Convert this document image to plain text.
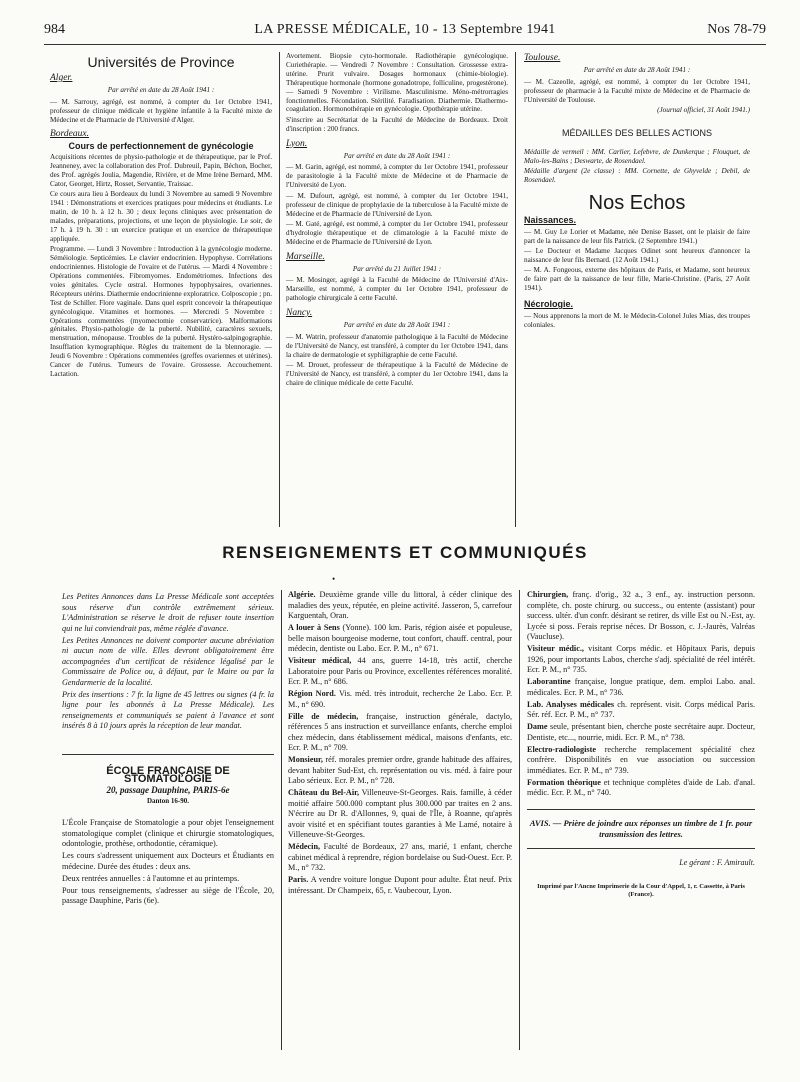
984	LA PRESSE MÉDICALE, 10 - 13 Septembre 1941	Nos 78-79
Universités de Province
Alger.
Par arrêté en date du 28 Août 1941 :

— M. Sarrouy, agrégé, est nommé, à compter du 1er Octobre 1941, professeur de clinique médicale et hygiène infantile à la Faculté mixte de Médecine et de Pharmacie de l'Université d'Alger.

Bordeaux.
Cours de perfectionnement de gynécologie

Acquisitions récentes de physio-pathologie et de thérapeutique, par le Prof. Jeanneney, avec la collaboration des Prof. Dubreuil, Papin, Béchon, Bocher, des Prof. agrégés Joulia, Magendie, Rivière, et de Mme Irène Bernard, MM. Cator, Georget, Hirtz, Rosset, Servantie, Traissac.

Ce cours aura lieu à Bordeaux du lundi 3 Novembre au samedi 9 Novembre 1941 : Démonstrations et exercices pratiques pour médecins et étudiants. Le matin, de 10 h. à 12 h. 30 ; deux leçons cliniques avec présentation de malades, préparations, projections, et une leçon de physiologie. Le soir, de 17 h. à 19 h. 30 : un exercice pratique et un exercice de thérapeutique appliquée.

Programme. — Lundi 3 Novembre : Introduction à la gynécologie moderne. Séméiologie. Septicémies. Le clavier endocrinien. Hypophyse. Corrélations endocriniennes. Histologie de l'ovaire et de l'utérus. — Mardi 4 Novembre : Opérations commentées. Fibromyomes. Endométriomes. Infections des voies génitales. Cycle œstral. Hormones hypophysaires, ovariennes. Récepteurs utérins. Diathermie endocrinienne exploratrice. Colposcopie ; pn. Test de Schiller. Flore vaginale. Dans quel esprit concevoir la thérapeutique gynécologique. Vitamines et hormones. — Mercredi 5 Novembre : Opérations commentées (myomectomie conservatrice). Malformations génitales. Physio-pathologie de la puberté. Nubilité, caractères sexuels, menstruation, ménopause. Troubles de la puberté. Hystéro-salpingographie. Insufflation kymographique. Règles du traitement de la blennoragie. — Jeudi 6 Novembre : Opérations commentées (greffes ovariennes et utérines). Cancer de l'utérus. Tumeurs de l'ovaire. Grossesse. Accouchement. Lactation.

Avortement. Biopsie cyto-hormonale. Radiothérapie gynécologique. Curiethérapie. — Vendredi 7 Novembre : Consultation. Grossesse extra-utérine. Prurit vulvaire. Dosages hormonaux (chimie-biologie). Thérapeutique hormonale (hormone gonadotrope, folliculine, progestérone). — Samedi 9 Novembre : Virilisme. Masculinisme. Méno-métrorragies fonctionnelles. Fécondation. Stérilité. Faradisation. Diathermie. Diathermo-coagulation. Hormonothérapie en gynécologie. Opothérapie utérine.

S'inscrire au Secrétariat de la Faculté de Médecine de Bordeaux. Droit d'inscription : 200 francs.

Lyon.
Par arrêté en date du 28 Août 1941 :

— M. Garin, agrégé, est nommé, à compter du 1er Octobre 1941, professeur de parasitologie à la Faculté mixte de Médecine et de Pharmacie de l'Université de Lyon.

— M. Dufourt, agrégé, est nommé, à compter du 1er Octobre 1941, professeur de clinique de prophylaxie de la tuberculose à la Faculté mixte de Médecine et de Pharmacie de l'Université de Lyon.

— M. Gaté, agrégé, est nommé, à compter du 1er Octobre 1941, professeur d'hydrologie thérapeutique et de climatologie à la Faculté mixte de Médecine et de Pharmacie de l'Université de Lyon.

Marseille.
Par arrêté du 21 Juillet 1941 :

— M. Mosinger, agrégé à la Faculté de Médecine de l'Université d'Aix-Marseille, est nommé, à compter du 1er Octobre 1941, professeur de pathologie chirurgicale à cette Faculté.

Nancy.
Par arrêté en date du 28 Août 1941 :

— M. Watrin, professeur d'anatomie pathologique à la Faculté de Médecine de l'Université de Nancy, est transféré, à compter du 1er Octobre 1941, dans la chaire de dermatologie et syphiligraphie de cette Faculté.

— M. Drouet, professeur de thérapeutique à la Faculté de Médecine de l'Université de Nancy, est transféré, à compter du 1er Octobre 1941, dans la chaire de clinique médicale de cette Faculté.

Toulouse.
Par arrêté en date du 28 Août 1941 :

— M. Cazeolle, agrégé, est nommé, à compter du 1er Octobre 1941, professeur de pharmacie à la Faculté mixte de Médecine et de Pharmacie de l'Université de Toulouse.

(Journal officiel, 31 Août 1941.)

MÉDAILLES DES BELLES ACTIONS

Médaille de vermeil : MM. Carlier, Lefebvre, de Dunkerque ; Flouquet, de Malo-les-Bains ; Deswarte, de Rosendael.

Médaille d'argent (2e classe) : MM. Cornette, de Ghyvelde ; Debil, de Rosendael.

Nos Echos
Naissances.

— M. Guy Le Lorier et Madame, née Denise Basset, ont le plaisir de faire part de la naissance de leur fils Patrick. (2 Septembre 1941.)

— Le Docteur et Madame Jacques Odinet sont heureux d'annoncer la naissance de leur fils Bernard. (12 Août 1941.)

— M. A. Fongeous, externe des hôpitaux de Paris, et Madame, sont heureux de faire part de la naissance de leur fille, Marie-Christine. (Paris, 27 Août 1941).

Nécrologie.

— Nous apprenons la mort de M. le Médecin-Colonel Jules Mias, des troupes coloniales.

RENSEIGNEMENTS ET COMMUNIQUÉS
•

Les Petites Annonces dans La Presse Médicale sont acceptées sous réserve d'un contrôle extrêmement sérieux. L'Administration se réserve le droit de refuser toute insertion qui ne lui conviendrait pas, même réglée d'avance.

Les Petites Annonces ne doivent comporter aucune abréviation ni aucun nom de ville. Elles devront obligatoirement être accompagnées d'un certificat de résidence légalisé par le Commissaire de Police ou, à défaut, par le Maire ou par la Gendarmerie de la localité.

Prix des insertions : 7 fr. la ligne de 45 lettres ou signes (4 fr. la ligne pour les abonnés à La Presse Médicale). Les renseignements et communiqués se paient à l'avance et sont insérés 8 à 10 jours après la réception de leur mandat.

ÉCOLE FRANÇAISE DE STOMATOLOGIE
20, passage Dauphine, PARIS-6e
Danton 16-90.

L'École Française de Stomatologie a pour objet l'enseignement stomatologique complet (clinique et chirurgie stomatologiques, odontologie, prothèse, orthodontie, céramique).

Les cours s'adressent uniquement aux Docteurs et Étudiants en médecine. Durée des études : deux ans.

Deux rentrées annuelles : à l'automne et au printemps.

Pour tous renseignements, s'adresser au siège de l'École, 20, passage Dauphine, Paris (6e).

Algérie. Deuxième grande ville du littoral, à céder clinique des maladies des yeux, réputée, en pleine activité. Jasseron, 5, carrefour Karguentah, Oran.

A louer à Sens (Yonne). 100 km. Paris, région aisée et populeuse, belle maison bourgeoise moderne, tout confort, chauff. central, pour médecin, dentiste ou Labo. Ecr. P. M., n° 671.

Visiteur médical, 44 ans, guerre 14-18, très actif, cherche Laboratoire pour Paris ou Province, excellentes références moralité. Ecr. P. M., n° 686.

Région Nord. Vis. méd. très introduit, recherche 2e Labo. Ecr. P. M., n° 690.

Fille de médecin, française, instruction générale, dactylo, références 5 ans instruction et surveillance enfants, cherche emploi chez médecin, dans établissement médical, maisons d'enfants, etc. Ecr. P. M., n° 709.

Monsieur, réf. morales premier ordre, grande habitude des affaires, devant habiter Sud-Est, ch. représentation ou vis. méd. à faire pour Labo sérieux. Ecr. P. M., n° 728.

Château du Bel-Air, Villeneuve-St-Georges. Rais. famille, à céder moitié affaire 500.000 comptant plus 300.000 par traites en 2 ans. N'écrire au Dr R. d'Allonnes, 9, quai de l'Île, à Roanne, qu'après avoir visité et en spécifiant toutes garanties à Me Lamé, notaire à Villeneuve-St-Georges.

Médecin, Faculté de Bordeaux, 27 ans, marié, 1 enfant, cherche cabinet médical à reprendre, région bordelaise ou Sud-Ouest. Ecr. P. M., n° 732.

Paris. A vendre voiture longue Dupont pour adulte. État neuf. Prix intéressant. Dr Champeix, 65, r. Vaubecour, Lyon.

Chirurgien, franç. d'orig., 32 a., 3 enf., ay. instruction personn. complète, ch. poste chirurg. ou success., ou entente (assistant) pour success. ultér. d'un confr. désirant se retirer, ds ville Est ou N.-Est, ay. Lycée si poss. Ferais reprise néces. Dr Bosson, c. J.-Jaurès, Valréas (Vaucluse).

Visiteur médic., visitant Corps médic. et Hôpitaux Paris, depuis 1926, pour importants Labos, cherche s'adj. spécialité de réel intérêt. Ecr. P. M., n° 735.

Laborantine française, longue pratique, dem. emploi Labo. anal. médicales. Ecr. P. M., n° 736.

Lab. Analyses médicales ch. représent. visit. Corps médical Paris. Sér. réf. Ecr. P. M., n° 737.

Dame seule, présentant bien, cherche poste secrétaire aupr. Docteur, Dentiste, etc..., nourrie, midi. Ecr. P. M., n° 738.

Electro-radiologiste recherche remplacement spécialité chez confrère. Disponibilités en vue association ou succession immédiates. Ecr. P. M., n° 739.

Formation théorique et technique complètes d'aide de Lab. d'anal. médic. Ecr. P. M., n° 740.

AVIS. — Prière de joindre aux réponses un timbre de 1 fr. pour transmission des lettres.
Le gérant : F. Amirault.
Imprimé par l'Ancne Imprimerie de la Cour d'Appel, 1, r. Cassette, à Paris (France).
